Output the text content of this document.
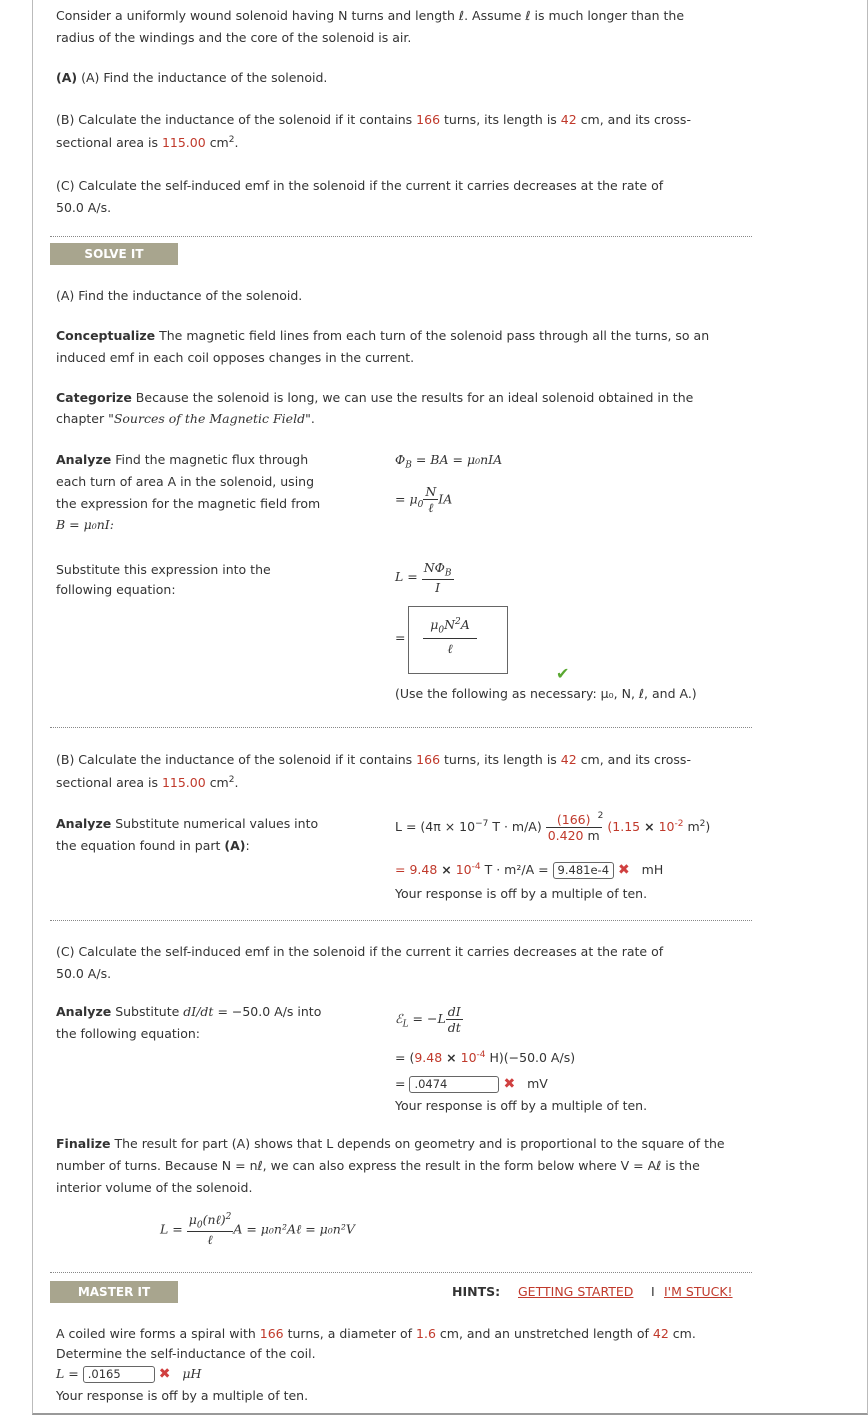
Consider a uniformly wound solenoid having N turns and length ℓ. Assume ℓ is much longer than the
radius of the windings and the core of the solenoid is air.
(A) (A) Find the inductance of the solenoid.
(B) Calculate the inductance of the solenoid if it contains 166 turns, its length is 42 cm, and its cross-
sectional area is 115.00 $cm^2$.
(C) Calculate the self-induced emf in the solenoid if the current it carries decreases at the rate of
50.0 A/s.
SOLVE IT
(A) Find the inductance of the solenoid.
Conceptualize The magnetic field lines from each turn of the solenoid pass through all the turns, so an
induced emf in each coil opposes changes in the current.
Categorize Because the solenoid is long, we can use the results for an ideal solenoid obtained in the
chapter "Sources of the Magnetic Field".
Analyze Find the magnetic flux through
each turn of area A in the solenoid, using
the expression for the magnetic field from
B = μ₀nI:
$\Phi_B$ = BA = μ₀nIA
= $\mu_0 \frac{N}{\text{ℓ}}$ IA
Substitute this expression into the
following equation:
$L = \frac{N\Phi_B}{I}$
=
$\mu_0N^2A$
ℓ
✔
(Use the following as necessary: μ₀, N, ℓ, and A.)
(B) Calculate the inductance of the solenoid if it contains 166 turns, its length is 42 cm, and its cross-
sectional area is 115.00 $cm^2$.
Analyze Substitute numerical values into
the equation found in part (A):
$L = (4\pi \times 10^{-7}$ $T \cdot m/A) \frac{(166)}{0.420 m}$
$^2(1.15 \times 10^{-2}$ $m^2$)
= $9.48 \times 10^{-4}$ T · m²/A = 9.481e-4 ✖ mH
Your response is off by a multiple of ten.
(C) Calculate the self-induced emf in the solenoid if the current it carries decreases at the rate of
50.0 A/s.
Analyze Substitute dI/dt = −50.0 A/s into
the following equation:
ℰ$_L$ = $-L \frac{dI}{dt}$
= ($9.48 \times 10^{-4}$ H)(−50.0 A/s)
= .0474	✖ mV
Your response is off by a multiple of ten.
Finalize The result for part (A) shows that L depends on geometry and is proportional to the square of the
number of turns. Because N = nℓ, we can also express the result in the form below where V = Aℓ is the
interior volume of the solenoid.
$L = \frac{\mu_0(n\ell)^2}{\text{ℓ}}$ A = μ₀n²Aℓ = μ₀n²V
MASTER IT	HINTS: GETTING STARTED I I'M STUCK!
A coiled wire forms a spiral with 166 turns, a diameter of 1.6 cm, and an unstretched length of 42 cm.
Determine the self-inductance of the coil.
L = .0165	✖ μH
Your response is off by a multiple of ten.
